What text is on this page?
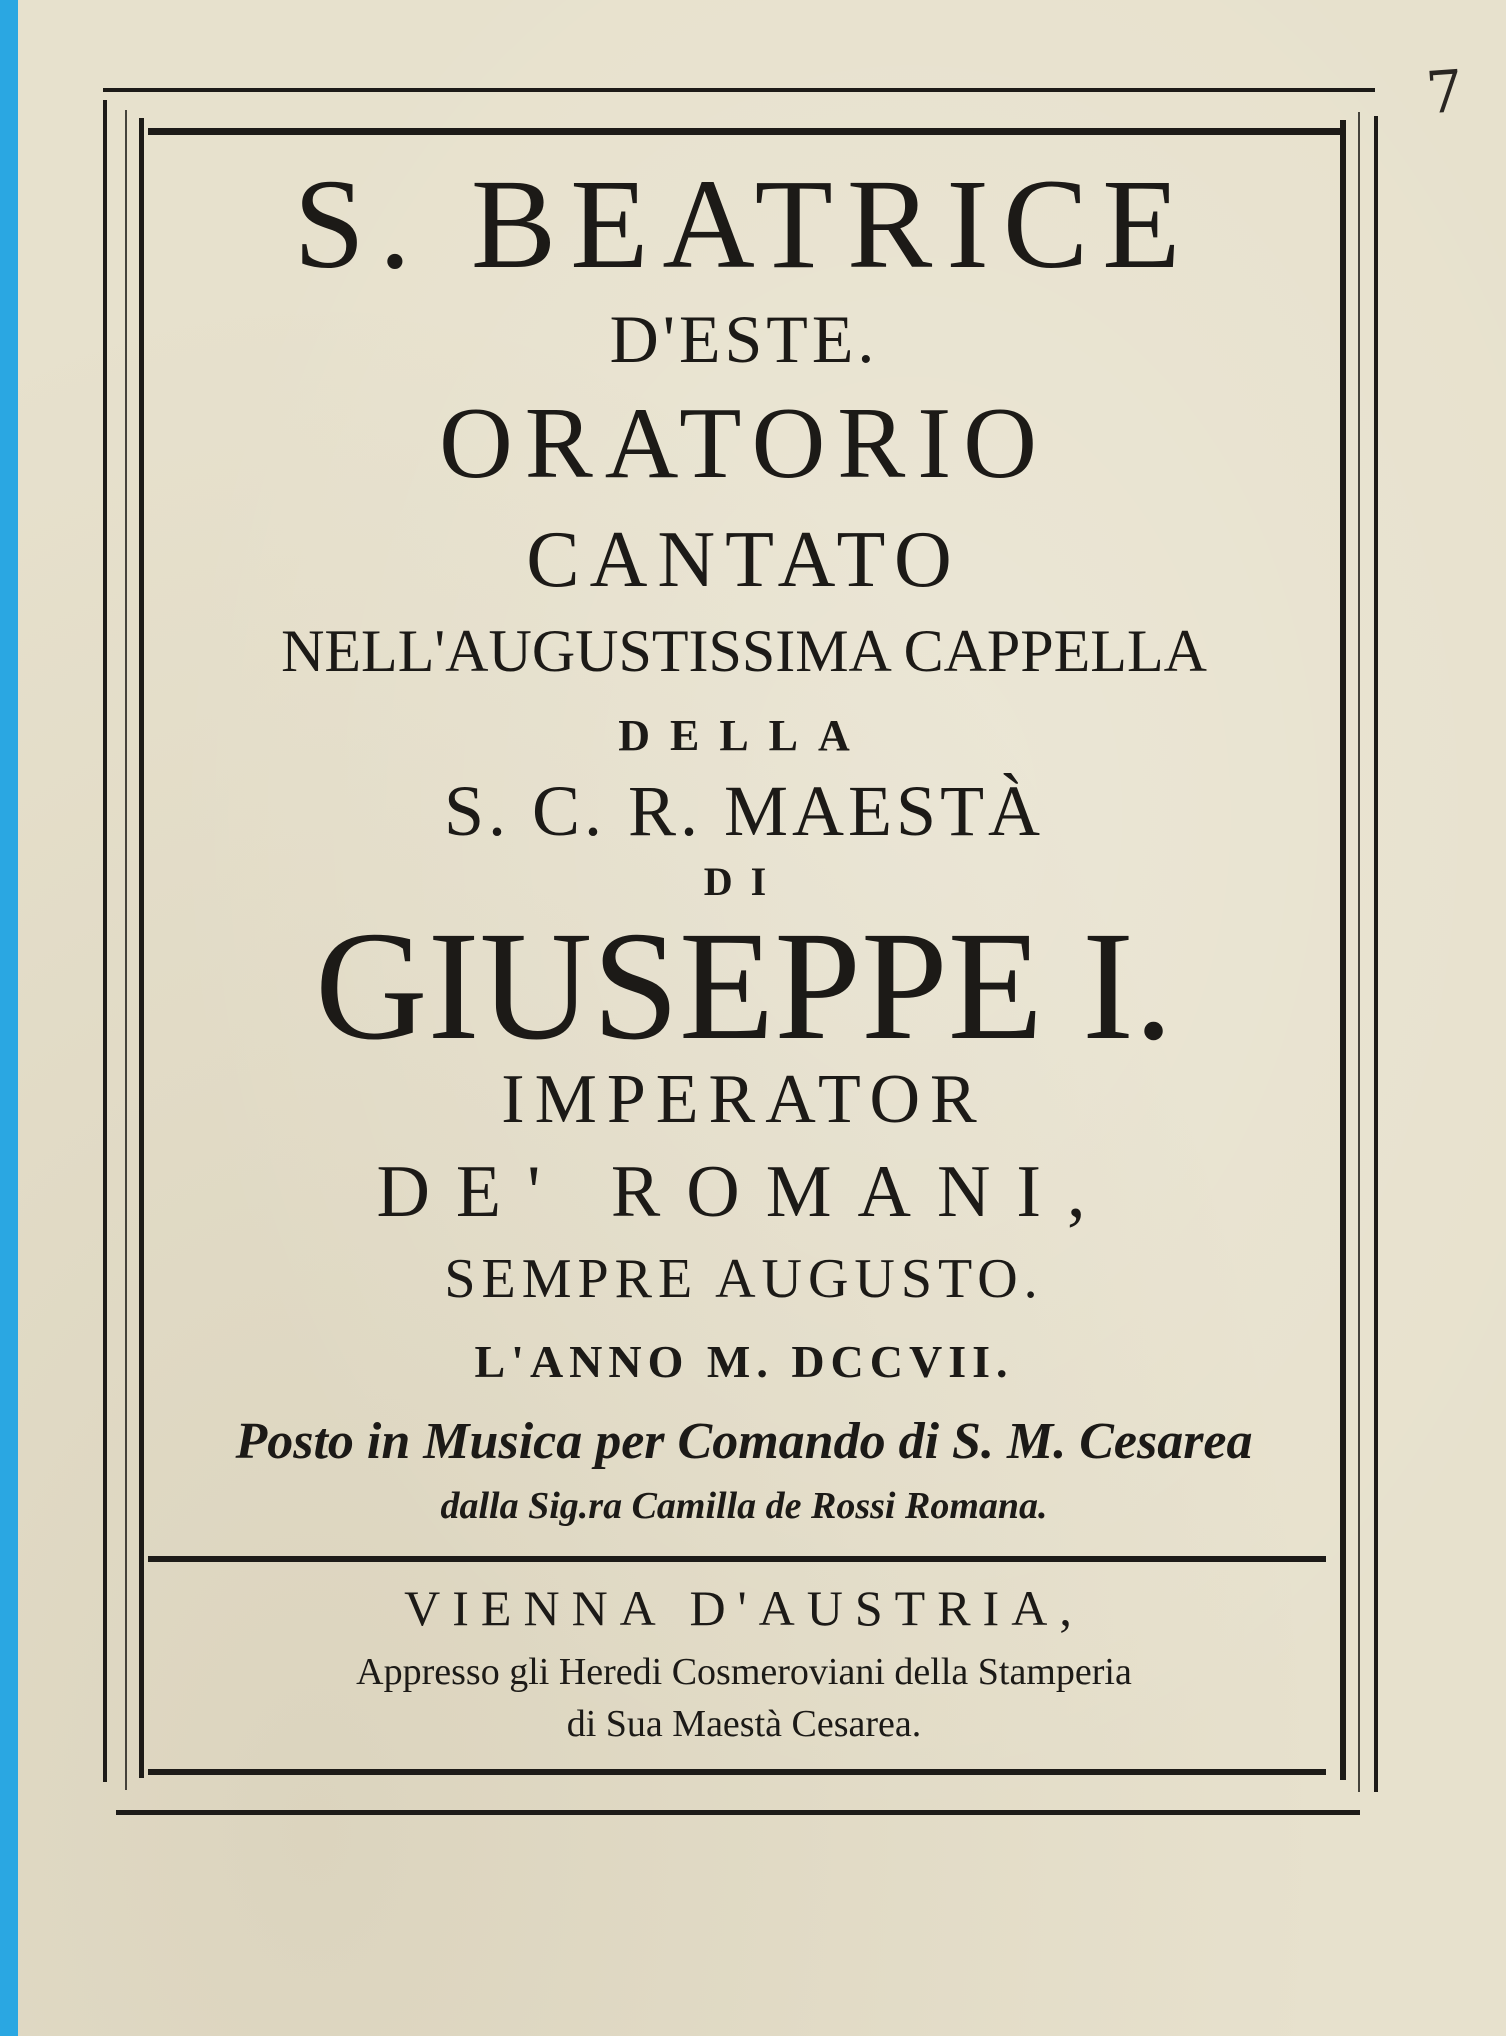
7

S. BEATRICE

D'ESTE.

ORATORIO

CANTATO

NELL'AUGUSTISSIMA CAPPELLA

DELLA

S. C. R. MAESTÀ

DI

GIUSEPPE I.

IMPERATOR

DE' ROMANI,

SEMPRE AUGUSTO.

L'ANNO M. DCCVII.

Posto in Musica per Comando di S. M. Cesarea

dalla Sig.ra Camilla de Rossi Romana.

VIENNA D'AUSTRIA,

Appresso gli Heredi Cosmeroviani della Stamperia

di Sua Maestà Cesarea.
